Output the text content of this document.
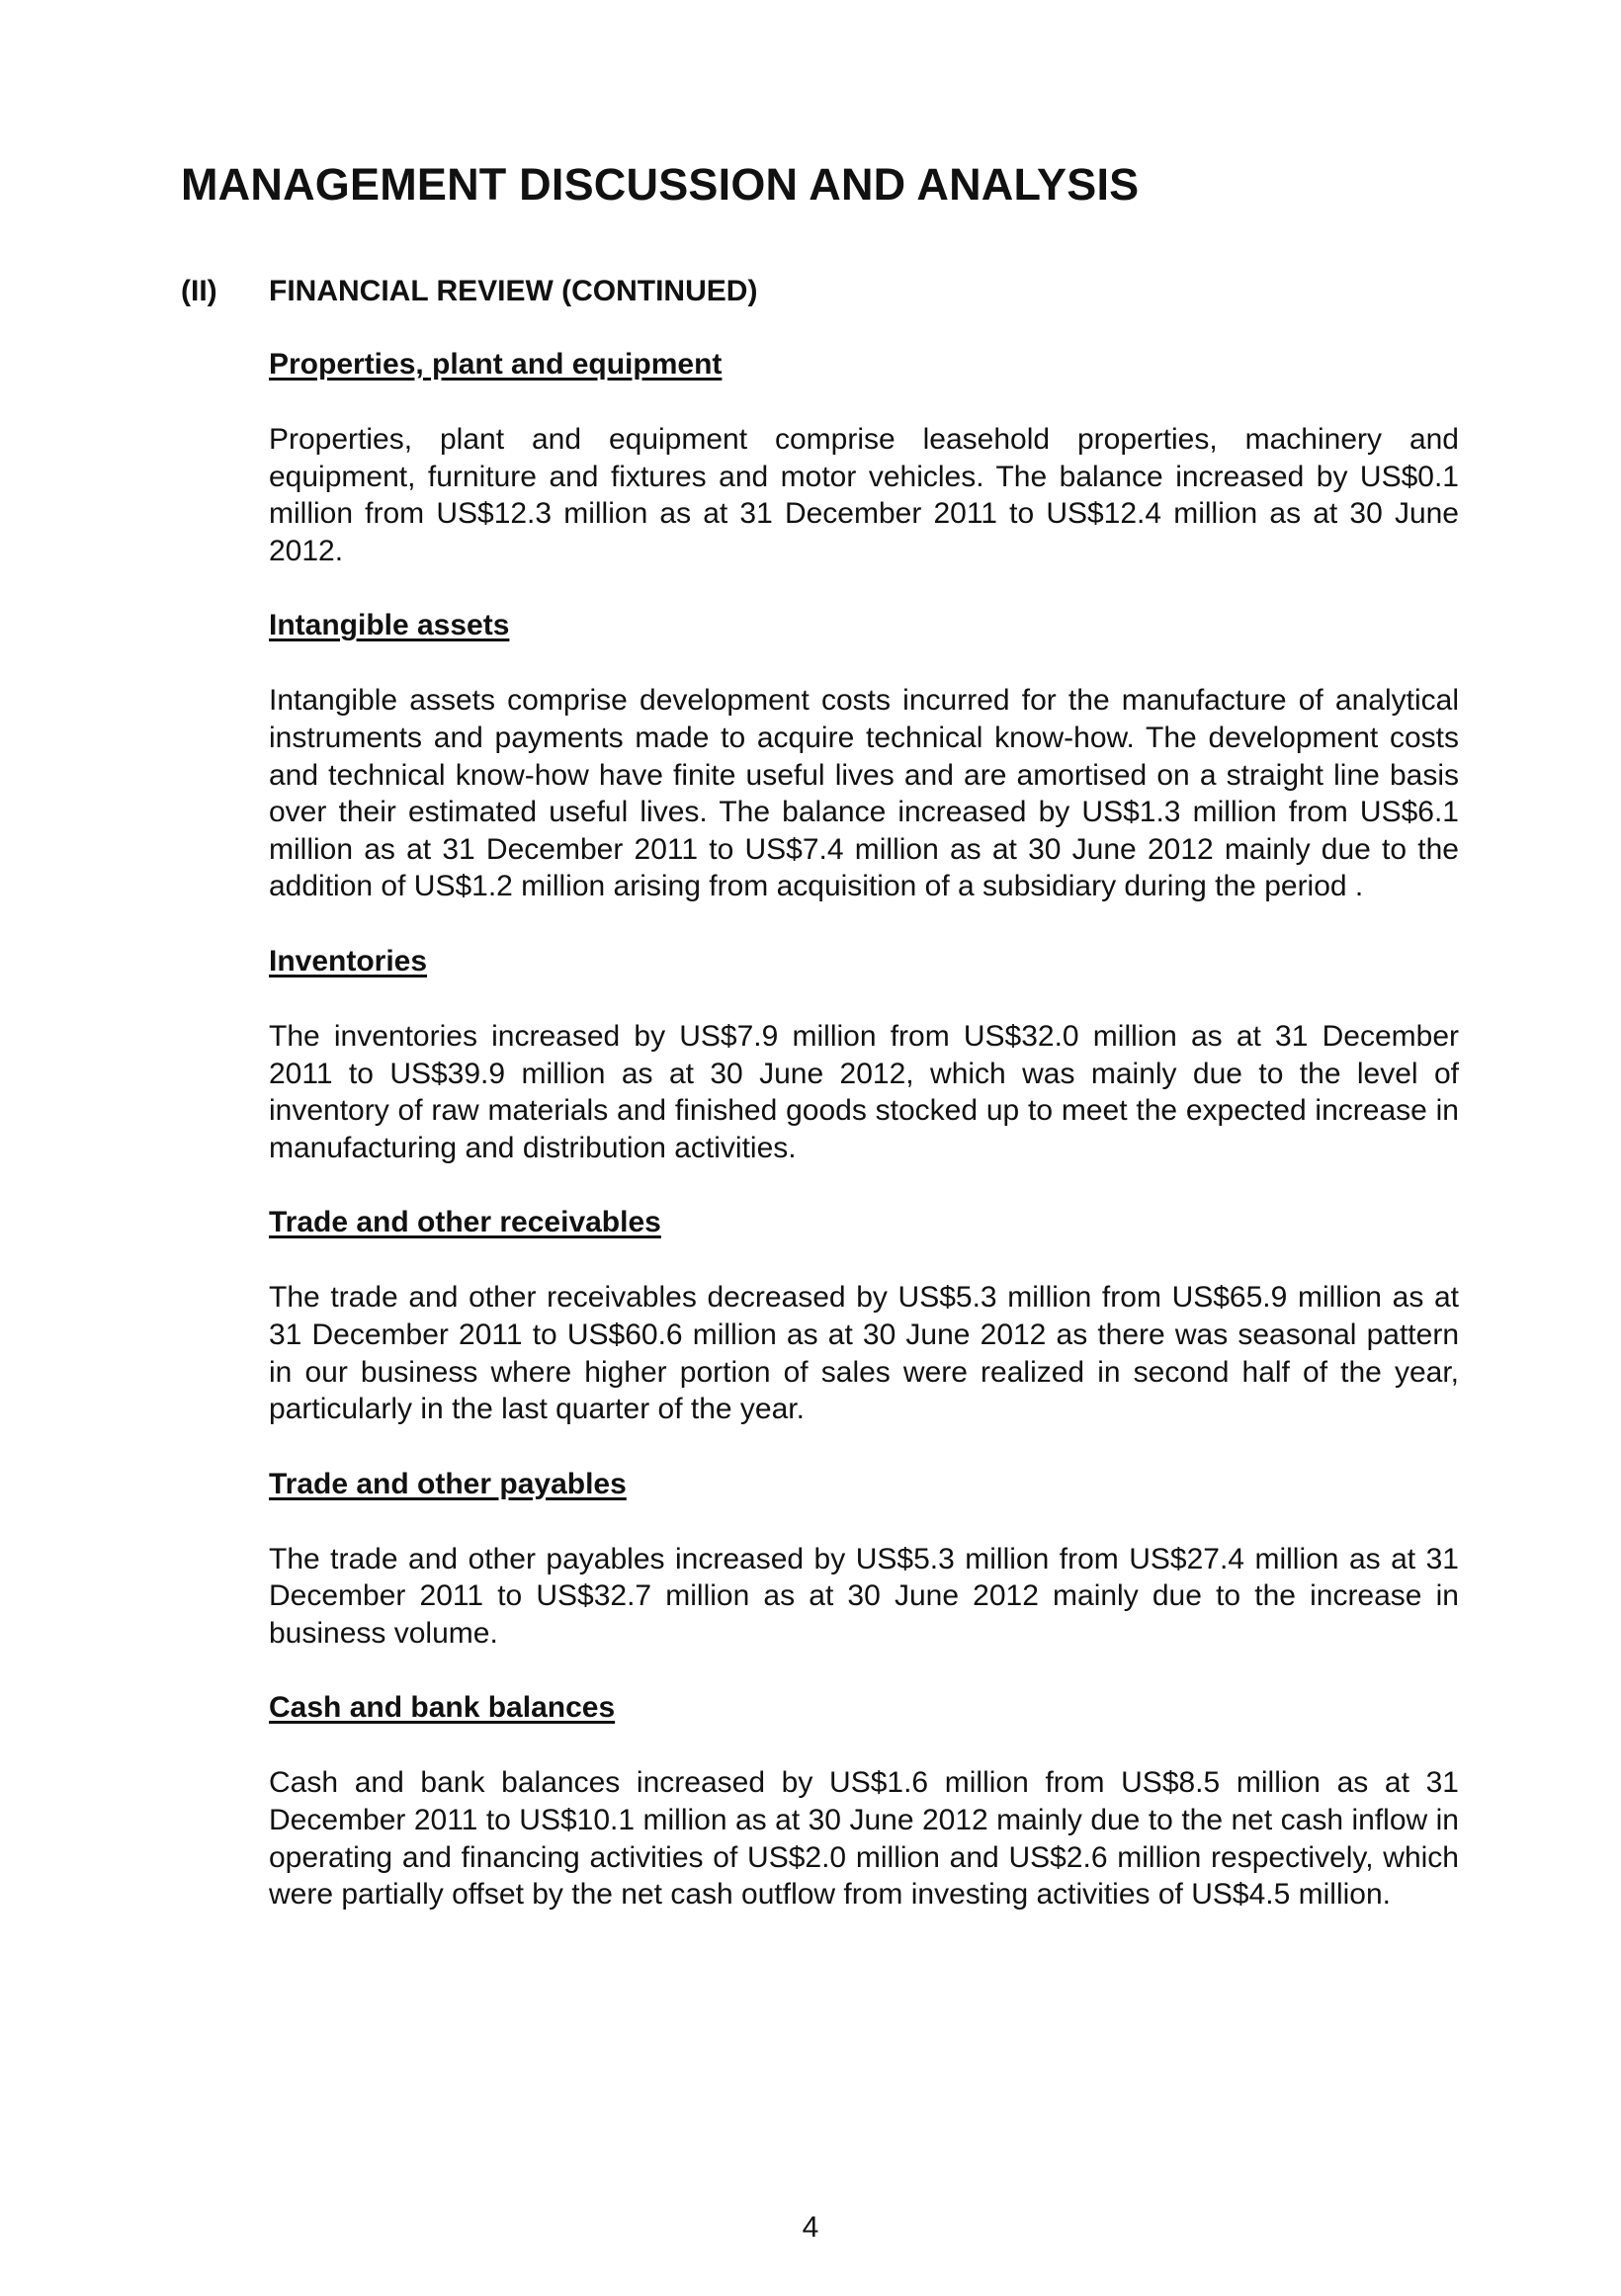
MANAGEMENT DISCUSSION AND ANALYSIS
(II) FINANCIAL REVIEW (CONTINUED)
Properties, plant and equipment

Properties, plant and equipment comprise leasehold properties, machinery and equipment, furniture and fixtures and motor vehicles. The balance increased by US$0.1 million from US$12.3 million as at 31 December 2011 to US$12.4 million as at 30 June 2012.

Intangible assets

Intangible assets comprise development costs incurred for the manufacture of analytical instruments and payments made to acquire technical know-how. The development costs and technical know-how have finite useful lives and are amortised on a straight line basis over their estimated useful lives. The balance increased by US$1.3 million from US$6.1 million as at 31 December 2011 to US$7.4 million as at 30 June 2012 mainly due to the addition of US$1.2 million arising from acquisition of a subsidiary during the period .

Inventories

The inventories increased by US$7.9 million from US$32.0 million as at 31 December 2011 to US$39.9 million as at 30 June 2012, which was mainly due to the level of inventory of raw materials and finished goods stocked up to meet the expected increase in manufacturing and distribution activities.

Trade and other receivables

The trade and other receivables decreased by US$5.3 million from US$65.9 million as at 31 December 2011 to US$60.6 million as at 30 June 2012 as there was seasonal pattern in our business where higher portion of sales were realized in second half of the year, particularly in the last quarter of the year.

Trade and other payables

The trade and other payables increased by US$5.3 million from US$27.4 million as at 31 December 2011 to US$32.7 million as at 30 June 2012 mainly due to the increase in business volume.

Cash and bank balances

Cash and bank balances increased by US$1.6 million from US$8.5 million as at 31 December 2011 to US$10.1 million as at 30 June 2012 mainly due to the net cash inflow in operating and financing activities of US$2.0 million and US$2.6 million respectively, which were partially offset by the net cash outflow from investing activities of US$4.5 million.

4
